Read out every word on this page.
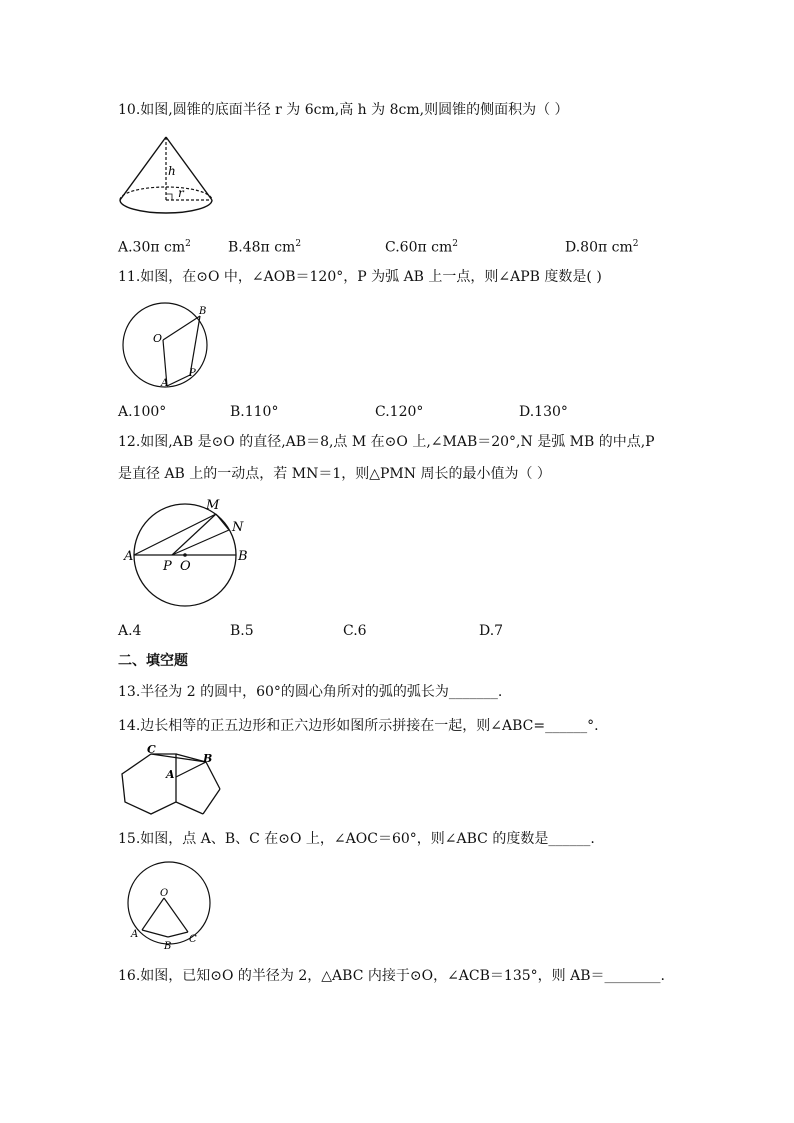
10.如图,圆锥的底面半径 r 为 6cm,高 h 为 8cm,则圆锥的侧面积为（ ）
h
r
A.30π $cm^2$	B.48π $cm^2$	C.60π $cm^2$	D.80π $cm^2$
11.如图，在⊙O 中，∠AOB＝120°，P 为弧 AB 上一点，则∠APB 度数是( )
O
B
A
P
A.100°	B.110°	C.120°	D.130°
12.如图,AB 是⊙O 的直径,AB＝8,点 M 在⊙O 上,∠MAB＝20°,N 是弧 MB 的中点,P
是直径 AB 上的一动点，若 MN＝1，则△PMN 周长的最小值为（ ）
A	B
M
N
P O
A.4	B.5	C.6	D.7
二、填空题
13.半径为 2 的圆中，60°的圆心角所对的弧的弧长为_______.
14.边长相等的正五边形和正六边形如图所示拼接在一起，则∠ABC=______°.
C
B
A
15.如图，点 A、B、C 在⊙O 上，∠AOC＝60°，则∠ABC 的度数是______.
O
A
B
C
16.如图，已知⊙O 的半径为 2，△ABC 内接于⊙O，∠ACB＝135°，则 AB＝________.
